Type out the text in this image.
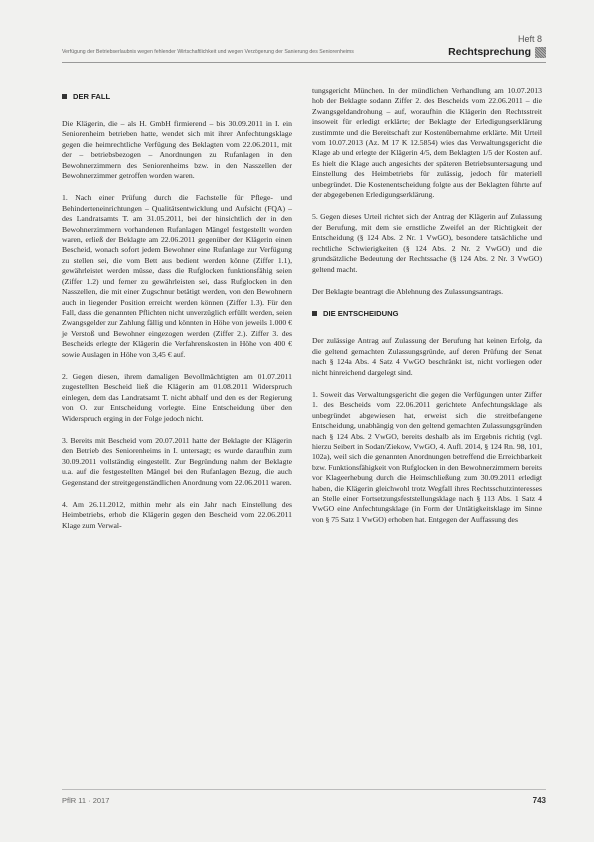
Heft 8
Verfügung der Betriebserlaubnis wegen fehlender Wirtschaftlichkeit und wegen Verzögerung der Sanierung des Seniorenheims	Rechtsprechung
DER FALL

Die Klägerin, die – als H. GmbH firmierend – bis 30.09.2011 in I. ein Seniorenheim betrieben hatte, wendet sich mit ihrer Anfechtungsklage gegen die heimrechtliche Verfügung des Beklagten vom 22.06.2011, mit der – betriebsbezogen – Anordnungen zu Rufanlagen in den Bewohnerzimmern des Seniorenheims bzw. in den Nasszellen der Bewohnerzimmer getroffen worden waren.

1. Nach einer Prüfung durch die Fachstelle für Pflege- und Behinderteneinrichtungen – Qualitätsentwicklung und Aufsicht (FQA) – des Landratsamts T. am 31.05.2011, bei der hinsichtlich der in den Bewohnerzimmern vorhandenen Rufanlagen Mängel festgestellt worden waren, erließ der Beklagte am 22.06.2011 gegenüber der Klägerin einen Bescheid, wonach sofort jedem Bewohner eine Rufanlage zur Verfügung zu stellen sei, die vom Bett aus bedient werden könne (Ziffer 1.1), gewährleistet werden müsse, dass die Rufglocken funktionsfähig seien (Ziffer 1.2) und ferner zu gewährleisten sei, dass Rufglocken in den Nasszellen, die mit einer Zugschnur betätigt werden, von den Bewohnern auch in liegender Position erreicht werden können (Ziffer 1.3). Für den Fall, dass die genannten Pflichten nicht unverzüglich erfüllt werden, seien Zwangsgelder zur Zahlung fällig und könnten in Höhe von jeweils 1.000 € je Verstoß und Bewohner eingezogen werden (Ziffer 2.). Ziffer 3. des Bescheids erlegte der Klägerin die Verfahrenskosten in Höhe von 400 € sowie Auslagen in Höhe von 3,45 € auf.

2. Gegen diesen, ihrem damaligen Bevollmächtigten am 01.07.2011 zugestellten Bescheid ließ die Klägerin am 01.08.2011 Widerspruch einlegen, dem das Landratsamt T. nicht abhalf und den es der Regierung von O. zur Entscheidung vorlegte. Eine Entscheidung über den Widerspruch erging in der Folge jedoch nicht.

3. Bereits mit Bescheid vom 20.07.2011 hatte der Beklagte der Klägerin den Betrieb des Seniorenheims in I. untersagt; es wurde daraufhin zum 30.09.2011 vollständig eingestellt. Zur Begründung nahm der Beklagte u.a. auf die festgestellten Mängel bei den Rufanlagen Bezug, die auch Gegenstand der streitgegenständlichen Anordnung vom 22.06.2011 waren.

4. Am 26.11.2012, mithin mehr als ein Jahr nach Einstellung des Heimbetriebs, erhob die Klägerin gegen den Bescheid vom 22.06.2011 Klage zum Verwal-

tungsgericht München. In der mündlichen Verhandlung am 10.07.2013 hob der Beklagte sodann Ziffer 2. des Bescheids vom 22.06.2011 – die Zwangsgeldandrohung – auf, woraufhin die Klägerin den Rechtsstreit insoweit für erledigt erklärte; der Beklagte der Erledigungserklärung zustimmte und die Bereitschaft zur Kostenübernahme erklärte. Mit Urteil vom 10.07.2013 (Az. M 17 K 12.5854) wies das Verwaltungsgericht die Klage ab und erlegte der Klägerin 4/5, dem Beklagten 1/5 der Kosten auf. Es hielt die Klage auch angesichts der späteren Betriebsuntersagung und Einstellung des Heimbetriebs für zulässig, jedoch für materiell unbegründet. Die Kostenentscheidung folgte aus der Beklagten führte auf der abgegebenen Erledigungserklärung.

5. Gegen dieses Urteil richtet sich der Antrag der Klägerin auf Zulassung der Berufung, mit dem sie ernstliche Zweifel an der Richtigkeit der Entscheidung (§ 124 Abs. 2 Nr. 1 VwGO), besondere tatsächliche und rechtliche Schwierigkeiten (§ 124 Abs. 2 Nr. 2 VwGO) und die grundsätzliche Bedeutung der Rechtssache (§ 124 Abs. 2 Nr. 3 VwGO) geltend macht.

Der Beklagte beantragt die Ablehnung des Zulassungsantrags.

DIE ENTSCHEIDUNG

Der zulässige Antrag auf Zulassung der Berufung hat keinen Erfolg, da die geltend gemachten Zulassungsgründe, auf deren Prüfung der Senat nach § 124a Abs. 4 Satz 4 VwGO beschränkt ist, nicht vorliegen oder nicht hinreichend dargelegt sind.

1. Soweit das Verwaltungsgericht die gegen die Verfügungen unter Ziffer 1. des Bescheids vom 22.06.2011 gerichtete Anfechtungsklage als unbegründet abgewiesen hat, erweist sich die streitbefangene Entscheidung, unabhängig von den geltend gemachten Zulassungsgründen nach § 124 Abs. 2 VwGO, bereits deshalb als im Ergebnis richtig (vgl. hierzu Seibert in Sodan/Ziekow, VwGO, 4. Aufl. 2014, § 124 Rn. 98, 101, 102a), weil sich die genannten Anordnungen betreffend die Erreichbarkeit bzw. Funktionsfähigkeit von Rufglocken in den Bewohnerzimmern bereits vor Klageerhebung durch die Heimschließung zum 30.09.2011 erledigt haben, die Klägerin gleichwohl trotz Wegfall ihres Rechtsschutzinteresses an Stelle einer Fortsetzungsfeststellungsklage nach § 113 Abs. 1 Satz 4 VwGO eine Anfechtungsklage (in Form der Untätigkeitsklage im Sinne von § 75 Satz 1 VwGO) erhoben hat. Entgegen der Auffassung des

PflR 11 · 2017	743
